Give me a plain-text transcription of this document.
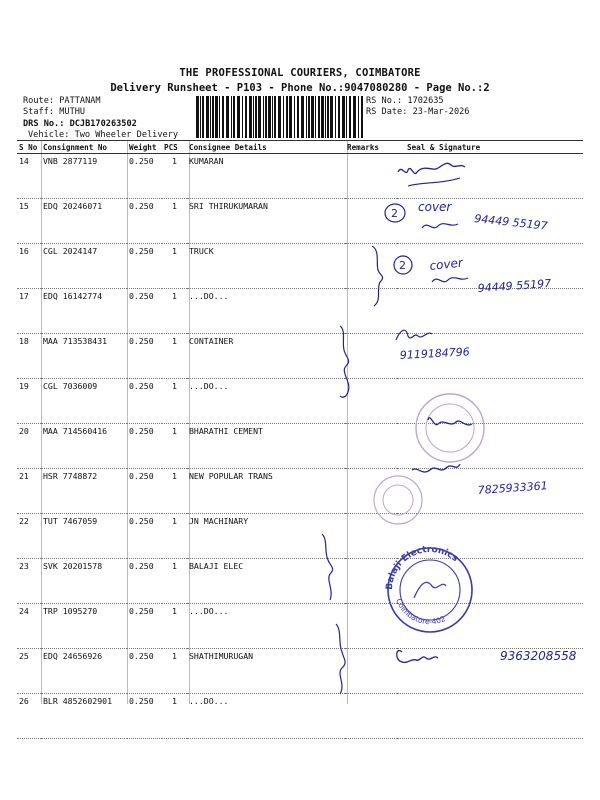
THE PROFESSIONAL COURIERS, COIMBATORE
Delivery Runsheet - P103 - Phone No.:9047080280 - Page No.:2
Route: PATTANAM
Staff: MUTHU
DRS No.: DCJB170263502
Vehicle: Two Wheeler Delivery
RS No.: 1702635
RS Date: 23-Mar-2026
S No	Consignment No	Weight	PCS	Consignee Details	Remarks	Seal & Signature
14	VNB 2877119	0.250	1	KUMARAN		
15	EDQ 20246071	0.250	1	SRI THIRUKUMARAN		
16	CGL 2024147	0.250	1	TRUCK		
17	EDQ 16142774	0.250	1	...DO...		
18	MAA 713538431	0.250	1	CONTAINER		
19	CGL 7036009	0.250	1	...DO...		
20	MAA 714560416	0.250	1	BHARATHI CEMENT		
21	HSR 7748872	0.250	1	NEW POPULAR TRANS		
22	TUT 7467059	0.250	1	JN MACHINARY		
23	SVK 20201578	0.250	1	BALAJI ELEC		
24	TRP 1095270	0.250	1	...DO...		
25	EDQ 24656926	0.250	1	SHATHIMURUGAN		
26	BLR 4852602901	0.250	1	...DO...		
2 cover
94449 55197
2 cover
94449 55197
9119184796
7825933361
Balaji Electronics
Coimbatore-402
9363208558
